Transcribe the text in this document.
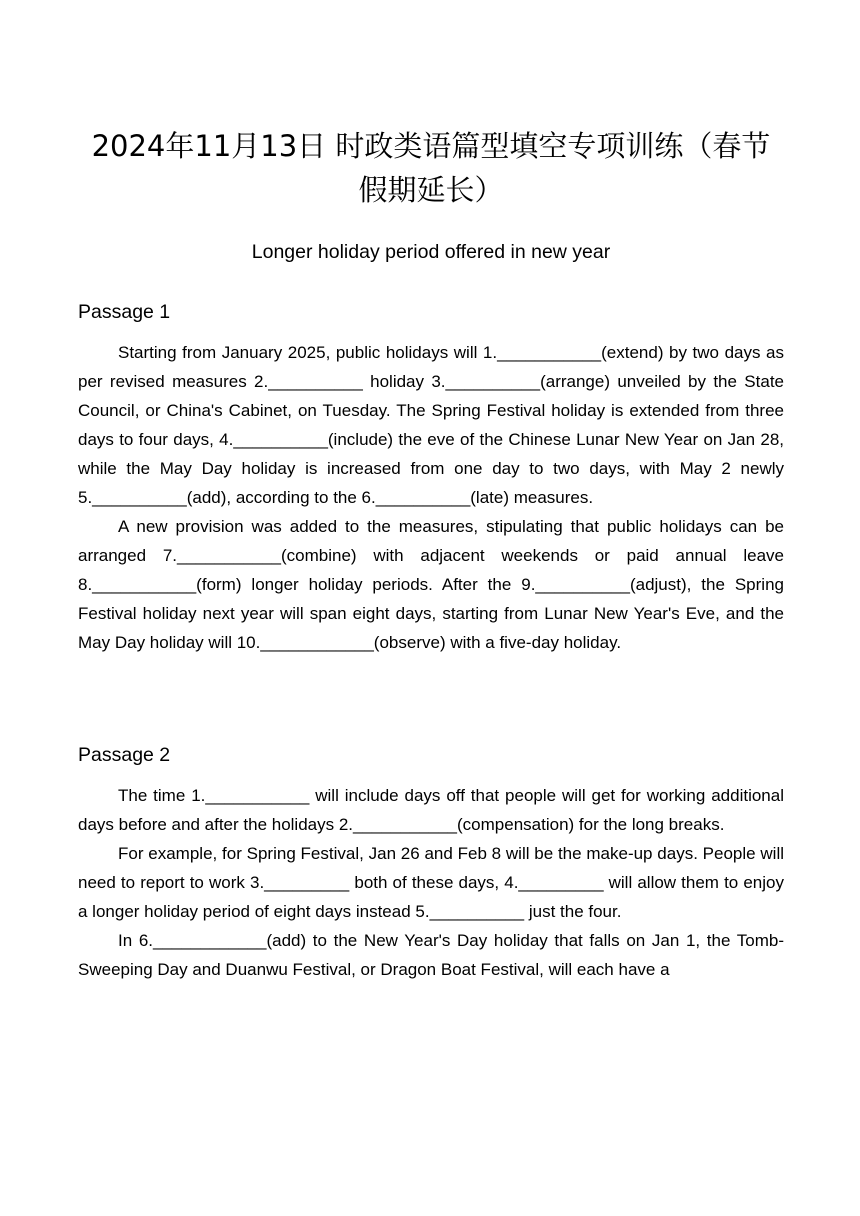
2024年11月13日 时政类语篇型填空专项训练（春节假期延长）
Longer holiday period offered in new year
Passage 1

Starting from January 2025, public holidays will 1.___________(extend) by two days as per revised measures 2.__________ holiday 3.__________(arrange) unveiled by the State Council, or China's Cabinet, on Tuesday. The Spring Festival holiday is extended from three days to four days, 4.__________(include) the eve of the Chinese Lunar New Year on Jan 28, while the May Day holiday is increased from one day to two days, with May 2 newly 5.__________(add), according to the 6.__________(late) measures.

A new provision was added to the measures, stipulating that public holidays can be arranged 7.___________(combine) with adjacent weekends or paid annual leave 8.___________(form) longer holiday periods. After the 9.__________(adjust), the Spring Festival holiday next year will span eight days, starting from Lunar New Year's Eve, and the May Day holiday will 10.____________(observe) with a five-day holiday.

Passage 2

The time 1.___________ will include days off that people will get for working additional days before and after the holidays 2.___________(compensation) for the long breaks.

For example, for Spring Festival, Jan 26 and Feb 8 will be the make-up days. People will need to report to work 3._________ both of these days, 4._________ will allow them to enjoy a longer holiday period of eight days instead 5.__________ just the four.

In 6.____________(add) to the New Year's Day holiday that falls on Jan 1, the Tomb-Sweeping Day and Duanwu Festival, or Dragon Boat Festival, will each have a
